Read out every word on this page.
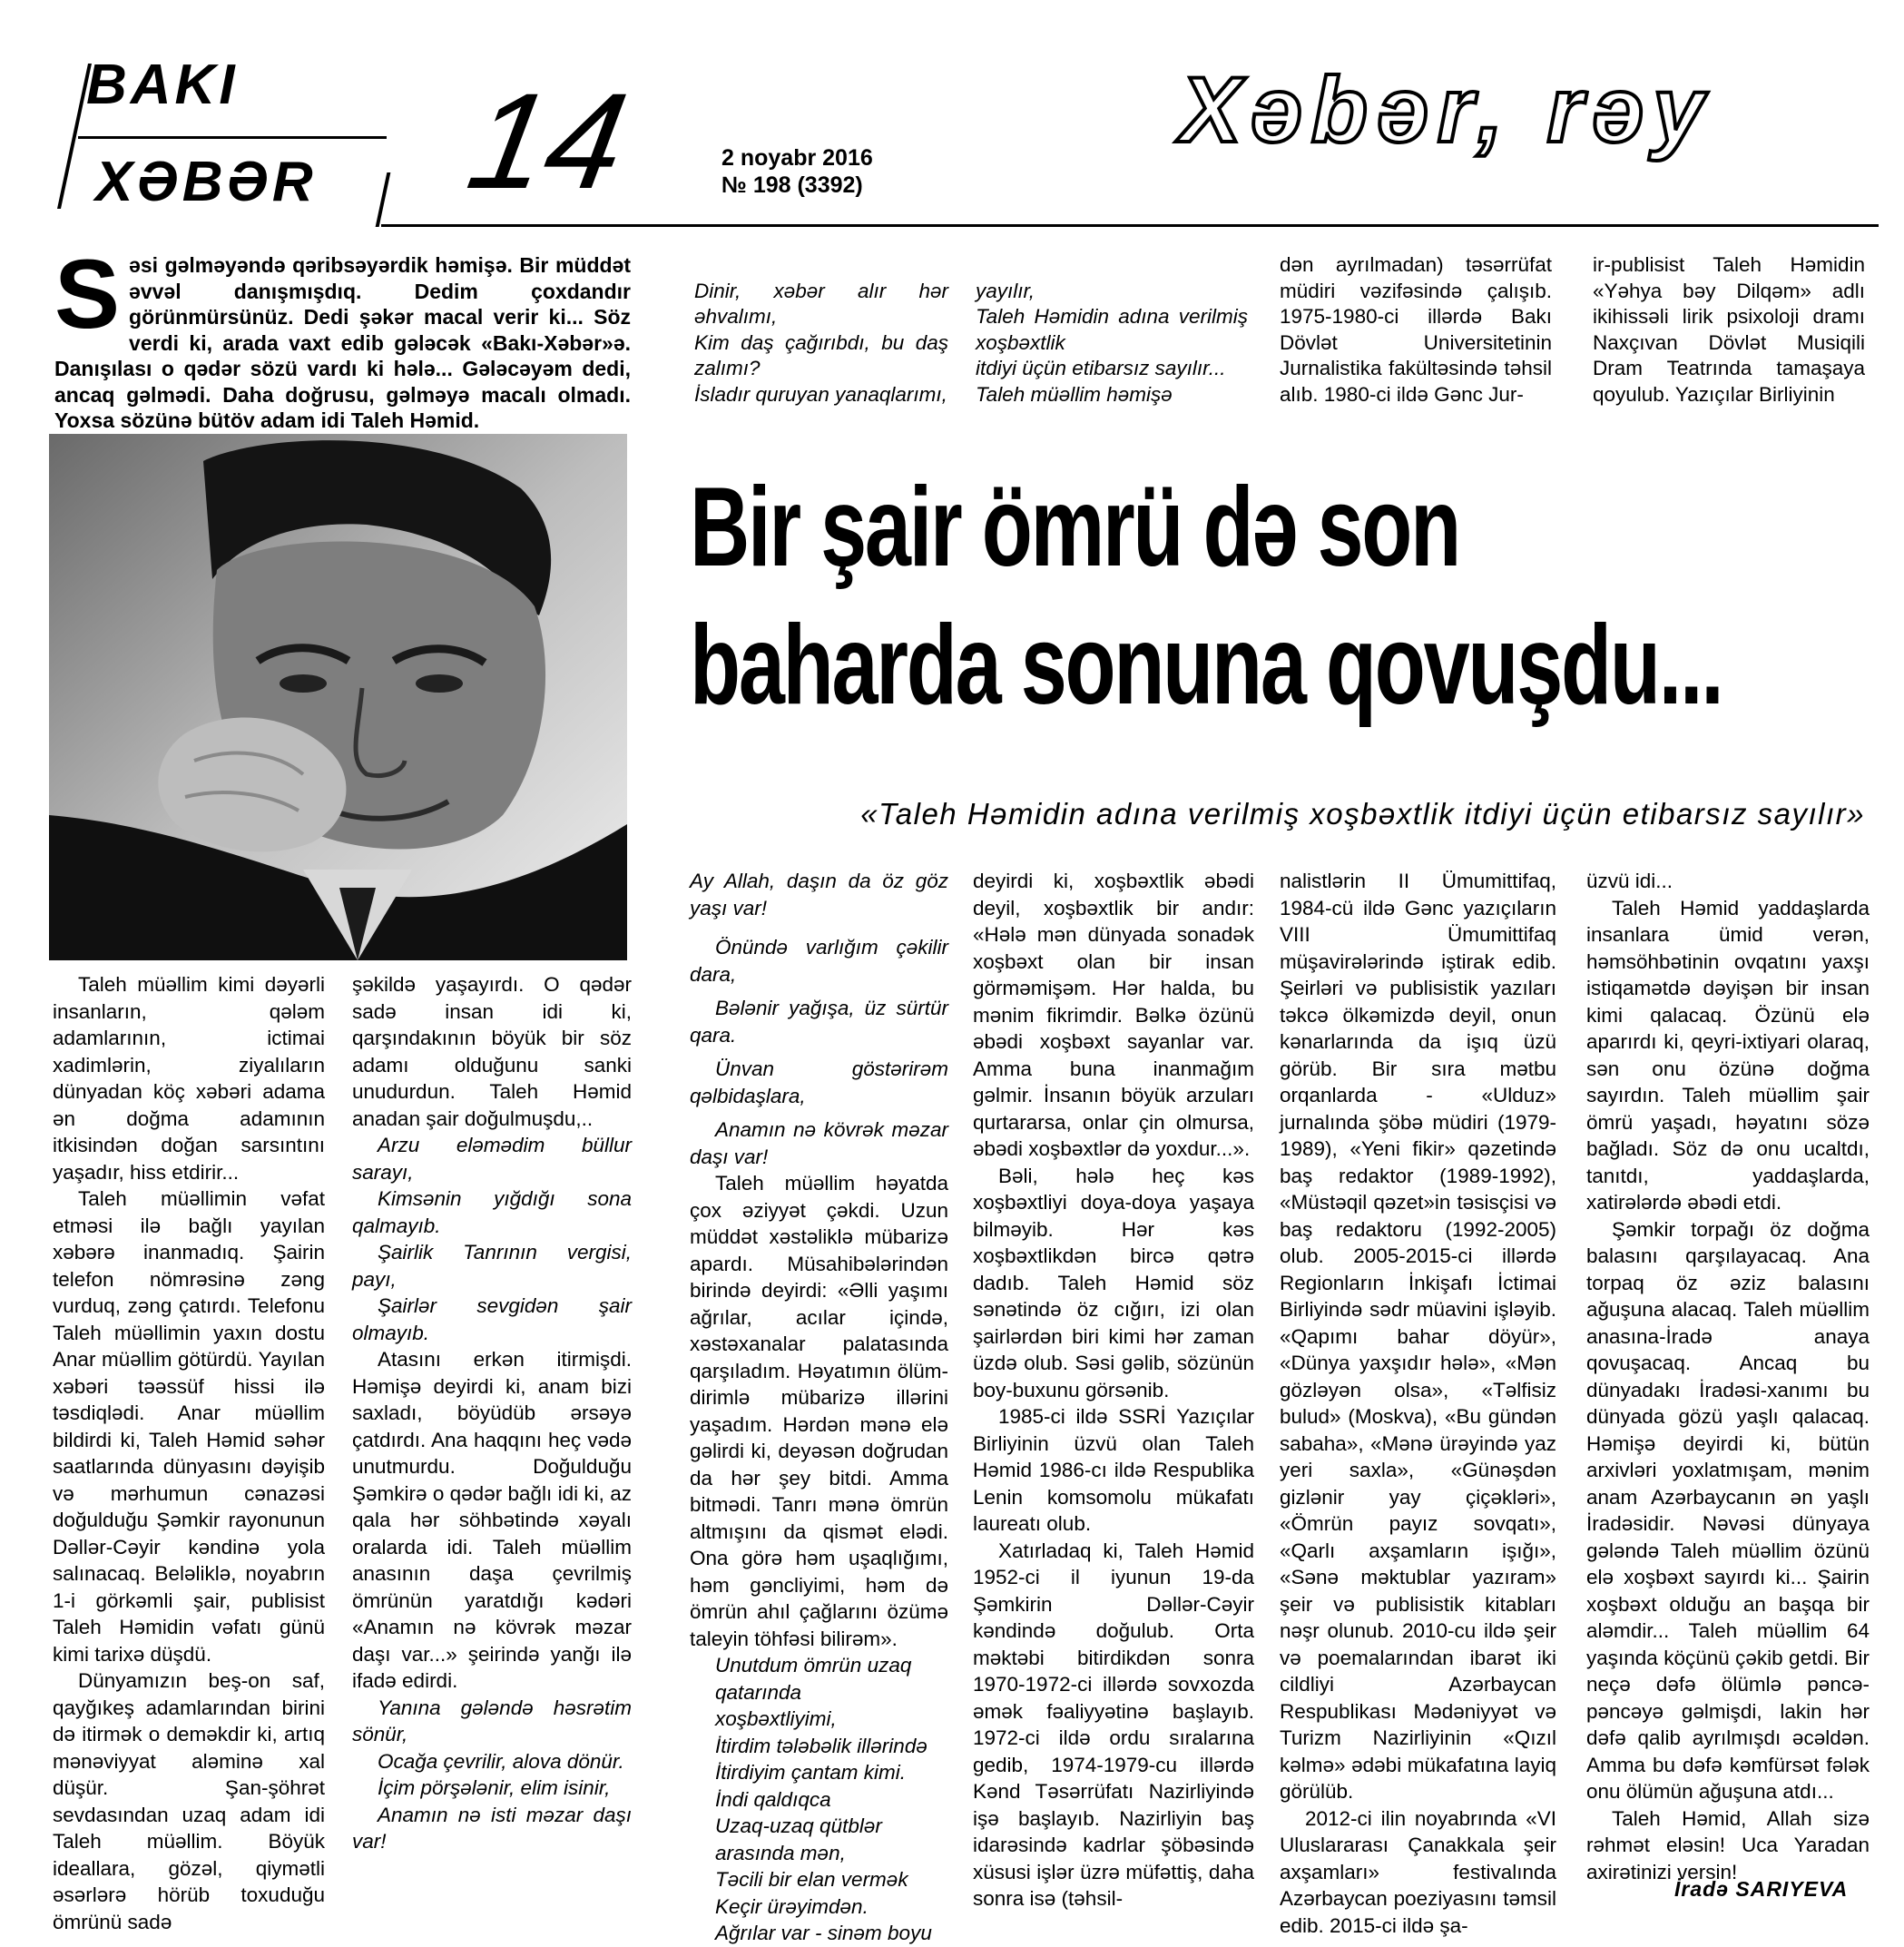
BAKI
XƏBƏR 14	2 noyabr 2016
№ 198 (3392)
Xəbər, rəy
Səsi gəlməyəndə qəribsəyərdik həmişə. Bir müddət əvvəl danışmışdıq. Dedim çoxdandır görünmürsünüz. Dedi şəkər macal verir ki... Söz verdi ki, arada vaxt edib gələcək «Bakı-Xəbər»ə. Danışılası o qədər sözü vardı ki hələ... Gələcəyəm dedi, ancaq gəlmədi. Daha doğrusu, gəlməyə macalı olmadı. Yoxsa sözünə bütöv adam idi Taleh Həmid.

Dinir, xəbər alır hər əhvalımı,
Kim daş çağırıbdı, bu daş zalımı?
İsladır quruyan yanaqlarımı,

yayılır,
Taleh Həmidin adına verilmiş xoşbəxtlik
itdiyi üçün etibarsız sayılır...
Taleh müəllim həmişə

dən ayrılmadan) təsərrüfat müdiri vəzifəsində çalışıb. 1975-1980-ci illərdə Bakı Dövlət Universitetinin Jurnalistika fakültəsində təhsil alıb. 1980-ci ildə Gənc Jur-
ir-publisist Taleh Həmidin «Yəhya bəy Dilqəm» adlı ikihissəli lirik psixoloji dramı Naxçıvan Dövlət Musiqili Dram Teatrında tamaşaya qoyulub. Yazıçılar Birliyinin
Bir şair ömrü də son
baharda sonuna qovuşdu...
«Taleh Həmidin adına verilmiş xoşbəxtlik itdiyi üçün etibarsız sayılır»

Taleh müəllim kimi dəyərli insanların, qələm adamlarının, ictimai xadimlərin, ziyalıların dünyadan köç xəbəri adama ən doğma adamının itkisindən doğan sarsıntını yaşadır, hiss etdirir...

Taleh müəllimin vəfat etməsi ilə bağlı yayılan xəbərə inanmadıq. Şairin telefon nömrəsinə zəng vurduq, zəng çatırdı. Telefonu Taleh müəllimin yaxın dostu Anar müəllim götürdü. Yayılan xəbəri təəssüf hissi ilə təsdiqlədi. Anar müəllim bildirdi ki, Taleh Həmid səhər saatlarında dünyasını dəyişib və mərhumun cənazəsi doğulduğu Şəmkir rayonunun Dəllər-Cəyir kəndinə yola salınacaq. Beləliklə, noyabrın 1-i görkəmli şair, publisist Taleh Həmidin vəfatı günü kimi tarixə düşdü.

Dünyamızın beş-on saf, qayğıkeş adamlarından birini də itirmək o deməkdir ki, artıq mənəviyyat aləminə xal düşür. Şan-şöhrət sevdasından uzaq adam idi Taleh müəllim. Böyük ideallara, gözəl, qiymətli əsərlərə hörüb toxuduğu ömrünü sadə

şəkildə yaşayırdı. O qədər sadə insan idi ki, qarşındakının böyük bir söz adamı olduğunu sanki unudurdun. Taleh Həmid anadan şair doğulmuşdu,..

Arzu eləmədim büllur sarayı,

Kimsənin yığdığı sona qalmayıb.

Şairlik Tanrının vergisi, payı,

Şairlər sevgidən şair olmayıb.

Atasını erkən itirmişdi. Həmişə deyirdi ki, anam bizi saxladı, böyüdüb ərsəyə çatdırdı. Ana haqqını heç vədə unutmurdu. Doğulduğu Şəmkirə o qədər bağlı idi ki, az qala hər söhbətində xəyalı oralarda idi. Taleh müəllim anasının daşa çevrilmiş ömrünün yaratdığı kədəri «Anamın nə kövrək məzar daşı var...» şeirində yanğı ilə ifadə edirdi.

Yanına gələndə həsrətim sönür,

Ocağa çevrilir, alova dönür.

İçim pörşələnir, elim isinir,

Anamın nə isti məzar daşı var!

Ay Allah, daşın da öz göz yaşı var!

Önündə varlığım çəkilir dara,

Bələnir yağışa, üz sürtür qara.

Ünvan göstərirəm qəlbidaşlara,

Anamın nə kövrək məzar daşı var!

Taleh müəllim həyatda çox əziyyət çəkdi. Uzun müddət xəstəliklə mübarizə apardı. Müsahibələrindən birində deyirdi: «Əlli yaşımı ağrılar, acılar içində, xəstəxanalar palatasında qarşıladım. Həyatımın ölüm-dirimlə mübarizə illərini yaşadım. Hərdən mənə elə gəlirdi ki, deyəsən doğrudan da hər şey bitdi. Amma bitmədi. Tanrı mənə ömrün altmışını da qismət elədi. Ona görə həm uşaqlığımı, həm gəncliyimi, həm də ömrün ahıl çağlarını özümə taleyin töhfəsi bilirəm».

Unutdum ömrün uzaq qatarında
xoşbəxtliyimi,
İtirdim tələbəlik illərində
İtirdiyim çantam kimi.
İndi qaldıqca
Uzaq-uzaq qütblər arasında mən,
Təcili bir elan vermək
Keçir ürəyimdən.
Ağrılar var - sinəm boyu

deyirdi ki, xoşbəxtlik əbədi deyil, xoşbəxtlik bir andır: «Hələ mən dünyada sonadək xoşbəxt olan bir insan görməmişəm. Hər halda, bu mənim fikrimdir. Bəlkə özünü əbədi xoşbəxt sayanlar var. Amma buna inanmağım gəlmir. İnsanın böyük arzuları qurtararsa, onlar çin olmursa, əbədi xoşbəxtlər də yoxdur...».

Bəli, hələ heç kəs xoşbəxtliyi doya-doya yaşaya bilməyib. Hər kəs xoşbəxtlikdən bircə qətrə dadıb. Taleh Həmid söz sənətində öz cığırı, izi olan şairlərdən biri kimi hər zaman üzdə olub. Səsi gəlib, sözünün boy-buxunu görsənib.

1985-ci ildə SSRİ Yazıçılar Birliyinin üzvü olan Taleh Həmid 1986-cı ildə Respublika Lenin komsomolu mükafatı laureatı olub.

Xatırladaq ki, Taleh Həmid 1952-ci il iyunun 19-da Şəmkirin Dəllər-Cəyir kəndində doğulub. Orta məktəbi bitirdikdən sonra 1970-1972-ci illərdə sovxozda əmək fəaliyyətinə başlayıb. 1972-ci ildə ordu sıralarına gedib, 1974-1979-cu illərdə Kənd Təsərrüfatı Nazirliyində işə başlayıb. Nazirliyin baş idarəsində kadrlar şöbəsində xüsusi işlər üzrə müfəttiş, daha sonra isə (təhsil-

nalistlərin II Ümumittifaq, 1984-cü ildə Gənc yazıçıların VIII Ümumittifaq müşavirələrində iştirak edib. Şeirləri və publisistik yazıları təkcə ölkəmizdə deyil, onun kənarlarında da işıq üzü görüb. Bir sıra mətbu orqanlarda - «Ulduz» jurnalında şöbə müdiri (1979-1989), «Yeni fikir» qəzetində baş redaktor (1989-1992), «Müstəqil qəzet»in təsisçisi və baş redaktoru (1992-2005) olub. 2005-2015-ci illərdə Regionların İnkişafı İctimai Birliyində sədr müavini işləyib. «Qapımı bahar döyür», «Dünya yaxşıdır hələ», «Mən gözləyən olsa», «Təlfisiz bulud» (Moskva), «Bu gündən sabaha», «Mənə ürəyində yaz yeri saxla», «Günəşdən gizlənir yay çiçəkləri», «Ömrün payız sovqatı», «Qarlı axşamların işığı», «Sənə məktublar yazıram» şeir və publisistik kitabları nəşr olunub. 2010-cu ildə şeir və poemalarından ibarət iki cildliyi Azərbaycan Respublikası Mədəniyyət və Turizm Nazirliyinin «Qızıl kəlmə» ədəbi mükafatına layiq görülüb.

2012-ci ilin noyabrında «VI Uluslararası Çanakkala şeir axşamları» festivalında Azərbaycan poeziyasını təmsil edib. 2015-ci ildə şa-

üzvü idi...

Taleh Həmid yaddaşlarda insanlara ümid verən, həmsöhbətinin ovqatını yaxşı istiqamətdə dəyişən bir insan kimi qalacaq. Özünü elə aparırdı ki, qeyri-ixtiyari olaraq, sən onu özünə doğma sayırdın. Taleh müəllim şair ömrü yaşadı, həyatını sözə bağladı. Söz də onu ucaltdı, tanıtdı, yaddaşlarda, xatirələrdə əbədi etdi.

Şəmkir torpağı öz doğma balasını qarşılayacaq. Ana torpaq öz əziz balasını ağuşuna alacaq. Taleh müəllim anasına-İradə anaya qovuşacaq. Ancaq bu dünyadakı İradəsi-xanımı bu dünyada gözü yaşlı qalacaq. Həmişə deyirdi ki, bütün arxivləri yoxlatmışam, mənim anam Azərbaycanın ən yaşlı İradəsidir. Nəvəsi dünyaya gələndə Taleh müəllim özünü elə xoşbəxt sayırdı ki... Şairin xoşbəxt olduğu an başqa bir aləmdir... Taleh müəllim 64 yaşında köçünü çəkib getdi. Bir neçə dəfə ölümlə pəncə-pəncəyə gəlmişdi, lakin hər dəfə qalib ayrılmışdı əcəldən. Amma bu dəfə kəmfürsət fələk onu ölümün ağuşuna atdı...

Taleh Həmid, Allah sizə rəhmət eləsin! Uca Yaradan axirətinizi versin!

İradə SARIYEVA
